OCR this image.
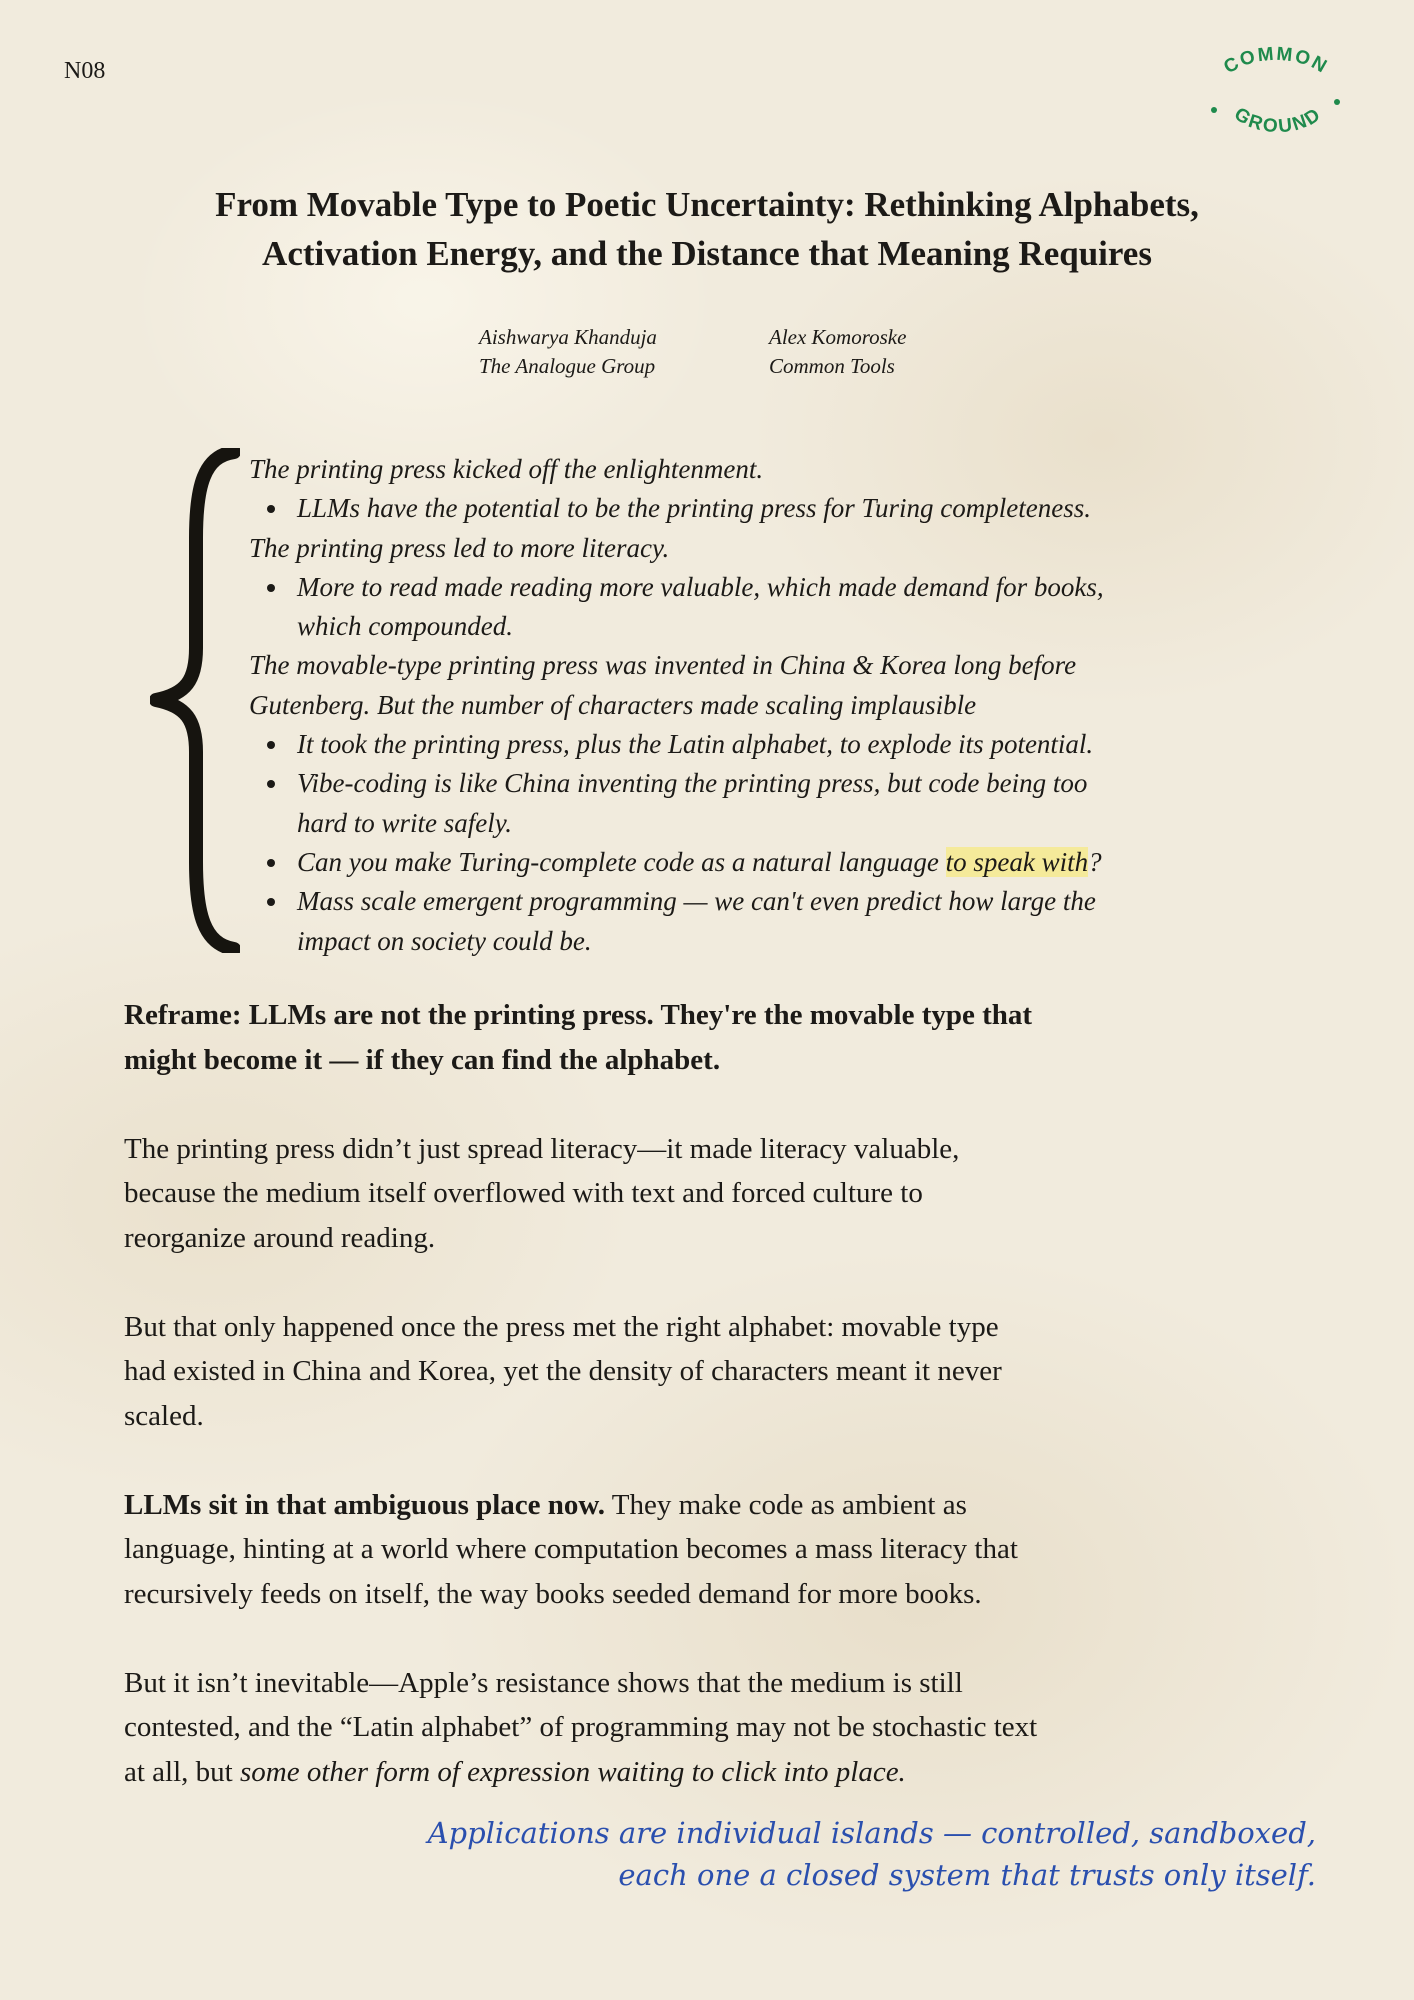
N08	COMMON
GROUND
From Movable Type to Poetic Uncertainty: Rethinking Alphabets,
Activation Energy, and the Distance that Meaning Requires
Aishwarya Khanduja
The Analogue Group
Alex Komoroske
Common Tools
The printing press kicked off the enlightenment.
LLMs have the potential to be the printing press for Turing completeness.
The printing press led to more literacy.
More to read made reading more valuable, which made demand for books,
which compounded.
The movable-type printing press was invented in China & Korea long before
Gutenberg. But the number of characters made scaling implausible
It took the printing press, plus the Latin alphabet, to explode its potential.
Vibe-coding is like China inventing the printing press, but code being too
hard to write safely.
Can you make Turing-complete code as a natural language to speak with?
Mass scale emergent programming — we can't even predict how large the
impact on society could be.

Reframe: LLMs are not the printing press. They're the movable type that

might become it — if they can find the alphabet.

The printing press didn’t just spread literacy—it made literacy valuable,

because the medium itself overflowed with text and forced culture to

reorganize around reading.

But that only happened once the press met the right alphabet: movable type

had existed in China and Korea, yet the density of characters meant it never

scaled.

LLMs sit in that ambiguous place now. They make code as ambient as

language, hinting at a world where computation becomes a mass literacy that

recursively feeds on itself, the way books seeded demand for more books.

But it isn’t inevitable—Apple’s resistance shows that the medium is still

contested, and the “Latin alphabet” of programming may not be stochastic text

at all, but some other form of expression waiting to click into place.

Applications are individual islands — controlled, sandboxed,
each one a closed system that trusts only itself.
